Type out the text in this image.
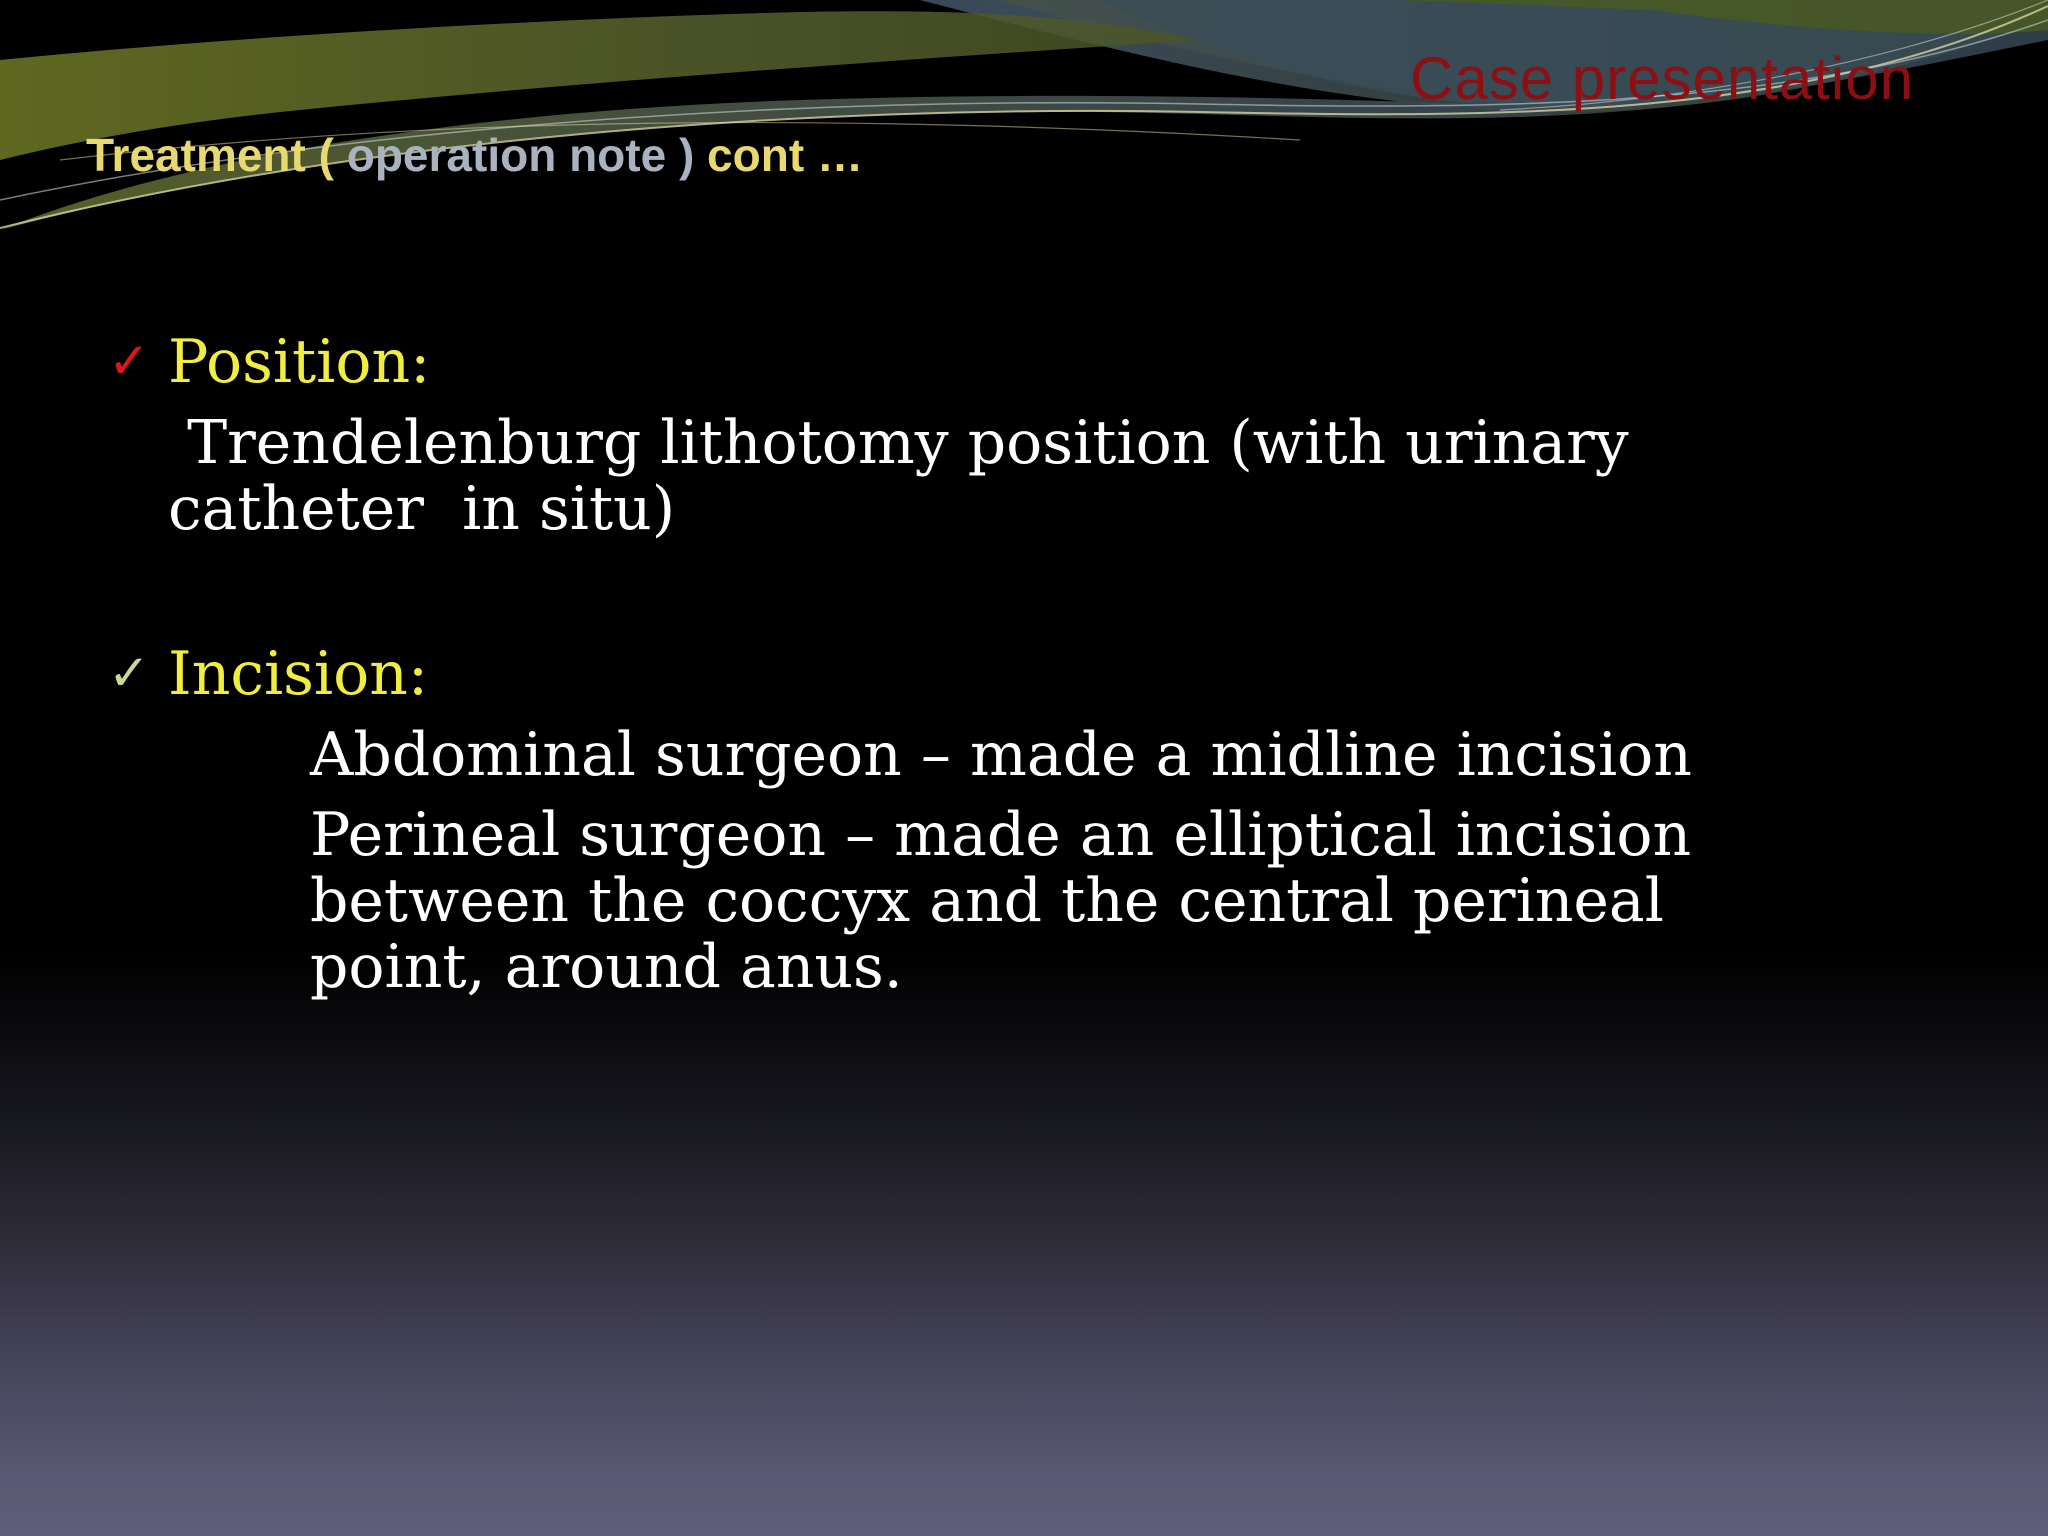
Case presentation
Treatment ( operation note ) cont …
✓ Position:

Trendelenburg lithotomy position (with urinary catheter  in situ)

✓ Incision:

Abdominal surgeon – made a midline incision

Perineal surgeon – made an elliptical incision between the coccyx and the central perineal point, around anus.
